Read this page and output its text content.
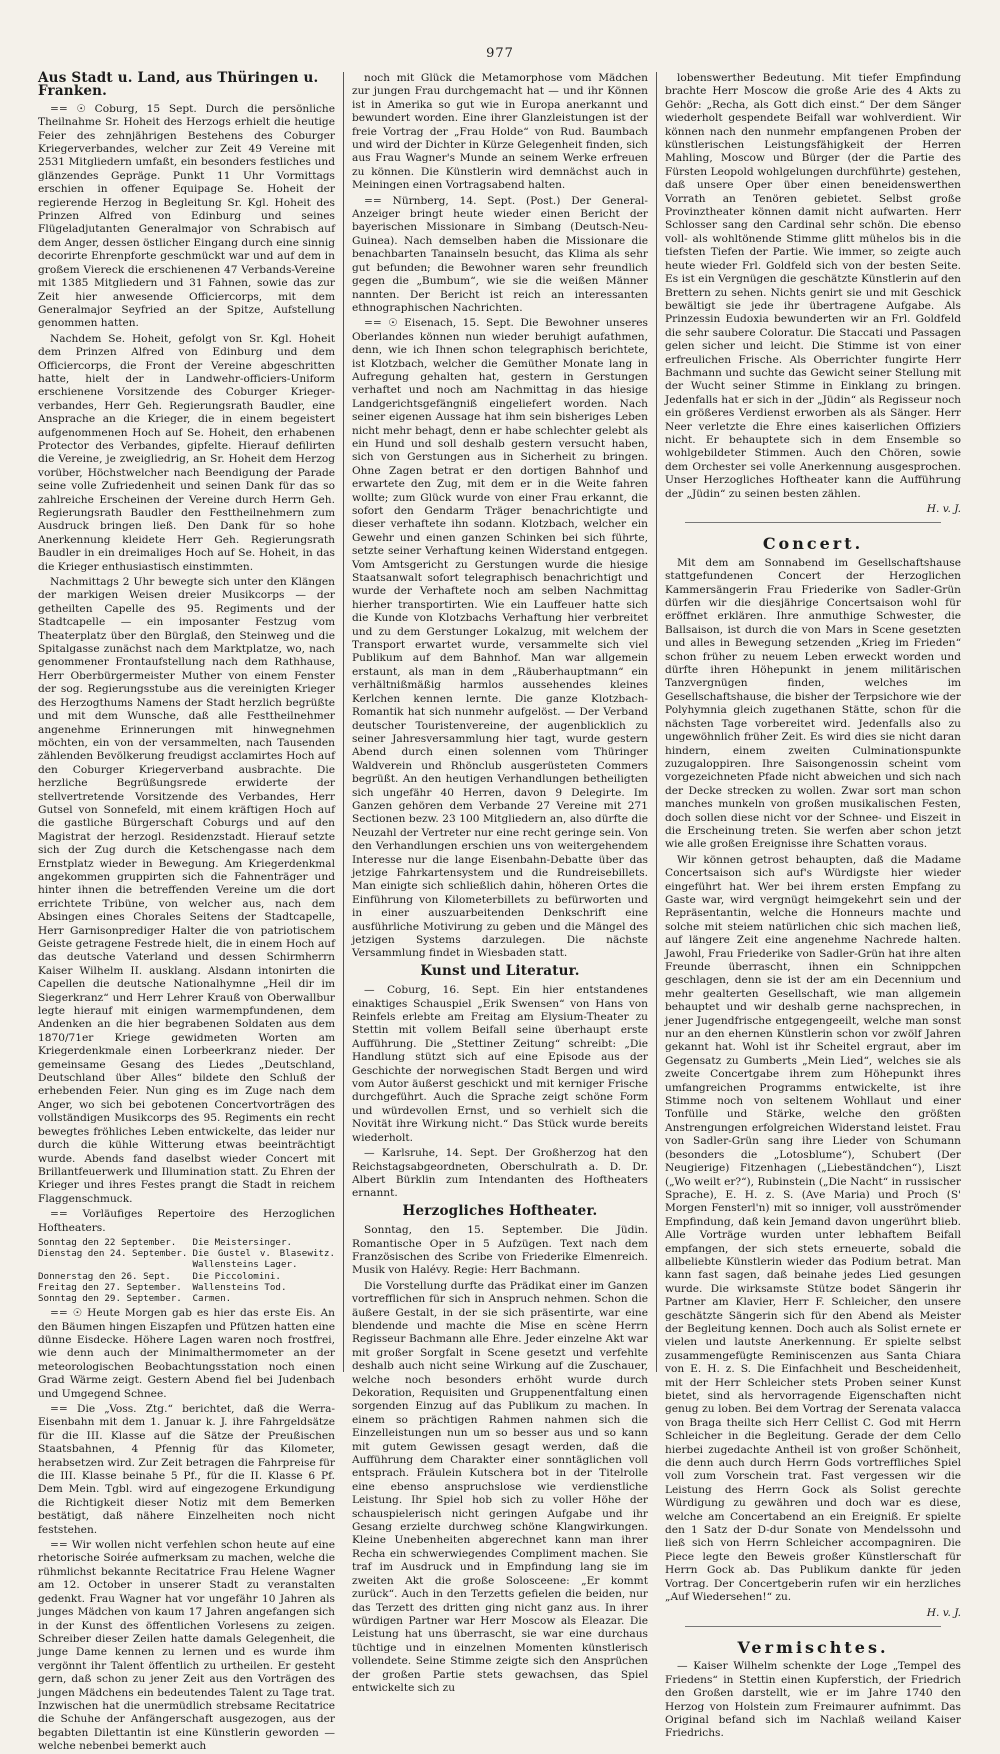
977
Aus Stadt u. Land, aus Thüringen u. Franken.

== ☉ Coburg, 15 Sept. Durch die persönliche Theilnahme Sr. Hoheit des Herzogs erhielt die heutige Feier des zehnjährigen Bestehens des Coburger Kriegerverbandes, welcher zur Zeit 49 Vereine mit 2531 Mitgliedern umfaßt, ein besonders festliches und glänzendes Gepräge. Punkt 11 Uhr Vormittags erschien in offener Equipage Se. Hoheit der regierende Herzog in Begleitung Sr. Kgl. Hoheit des Prinzen Alfred von Edinburg und seines Flügeladjutanten Generalmajor von Schrabisch auf dem Anger, dessen östlicher Eingang durch eine sinnig decorirte Ehrenpforte geschmückt war und auf dem in großem Viereck die erschienenen 47 Verbands-Vereine mit 1385 Mitgliedern und 31 Fahnen, sowie das zur Zeit hier anwesende Officiercorps, mit dem Generalmajor Seyfried an der Spitze, Aufstellung genommen hatten.

Nachdem Se. Hoheit, gefolgt von Sr. Kgl. Hoheit dem Prinzen Alfred von Edinburg und dem Officiercorps, die Front der Vereine abgeschritten hatte, hielt der in Landwehr-officiers-Uniform erschienene Vorsitzende des Coburger Krieger-verbandes, Herr Geh. Regierungsrath Baudler, eine Ansprache an die Krieger, die in einem begeistert aufgenommenen Hoch auf Se. Hoheit, den erhabenen Protector des Verbandes, gipfelte. Hierauf defilirten die Vereine, je zweigliedrig, an Sr. Hoheit dem Herzog vorüber, Höchstwelcher nach Beendigung der Parade seine volle Zufriedenheit und seinen Dank für das so zahlreiche Erscheinen der Vereine durch Herrn Geh. Regierungsrath Baudler den Festtheilnehmern zum Ausdruck bringen ließ. Den Dank für so hohe Anerkennung kleidete Herr Geh. Regierungsrath Baudler in ein dreimaliges Hoch auf Se. Hoheit, in das die Krieger enthusiastisch einstimmten.

Nachmittags 2 Uhr bewegte sich unter den Klängen der markigen Weisen dreier Musikcorps — der getheilten Capelle des 95. Regiments und der Stadtcapelle — ein imposanter Festzug vom Theaterplatz über den Bürglaß, den Steinweg und die Spitalgasse zunächst nach dem Marktplatze, wo, nach genommener Frontaufstellung nach dem Rathhause, Herr Oberbürgermeister Muther von einem Fenster der sog. Regierungsstube aus die vereinigten Krieger des Herzogthums Namens der Stadt herzlich begrüßte und mit dem Wunsche, daß alle Festtheilnehmer angenehme Erinnerungen mit hinwegnehmen möchten, ein von der versammelten, nach Tausenden zählenden Bevölkerung freudigst acclamirtes Hoch auf den Coburger Kriegerverband ausbrachte. Die herzliche Begrüßungsrede erwiderte der stellvertretende Vorsitzende des Verbandes, Herr Gutsel von Sonnefeld, mit einem kräftigen Hoch auf die gastliche Bürgerschaft Coburgs und auf den Magistrat der herzogl. Residenzstadt. Hierauf setzte sich der Zug durch die Ketschengasse nach dem Ernstplatz wieder in Bewegung. Am Kriegerdenkmal angekommen gruppirten sich die Fahnenträger und hinter ihnen die betreffenden Vereine um die dort errichtete Tribüne, von welcher aus, nach dem Absingen eines Chorales Seitens der Stadtcapelle, Herr Garnisonprediger Halter die von patriotischem Geiste getragene Festrede hielt, die in einem Hoch auf das deutsche Vaterland und dessen Schirmherrn Kaiser Wilhelm II. ausklang. Alsdann intonirten die Capellen die deutsche Nationalhymne „Heil dir im Siegerkranz“ und Herr Lehrer Krauß von Oberwallbur legte hierauf mit einigen warmempfundenen, dem Andenken an die hier begrabenen Soldaten aus dem 1870/71er Kriege gewidmeten Worten am Kriegerdenkmale einen Lorbeerkranz nieder. Der gemeinsame Gesang des Liedes „Deutschland, Deutschland über Alles“ bildete den Schluß der erhebenden Feier. Nun ging es im Zuge nach dem Anger, wo sich bei gebotenen Concertvorträgen des vollständigen Musikcorps des 95. Regiments ein recht bewegtes fröhliches Leben entwickelte, das leider nur durch die kühle Witterung etwas beeinträchtigt wurde. Abends fand daselbst wieder Concert mit Brillantfeuerwerk und Illumination statt. Zu Ehren der Krieger und ihres Festes prangt die Stadt in reichem Flaggenschmuck.

== Vorläufiges Repertoire des Herzoglichen Hoftheaters.

Sonntag den 22 September.	Die Meistersinger.
Dienstag den 24. September.	Die Gustel v. Blasewitz. Wallensteins Lager.
Donnerstag den 26. Sept.	Die Piccolomini.
Freitag den 27. September.	Wallensteins Tod.
Sonntag den 29. September.	Carmen.

== ☉ Heute Morgen gab es hier das erste Eis. An den Bäumen hingen Eiszapfen und Pfützen hatten eine dünne Eisdecke. Höhere Lagen waren noch frostfrei, wie denn auch der Minimalthermometer an der meteorologischen Beobachtungsstation noch einen Grad Wärme zeigt. Gestern Abend fiel bei Judenbach und Umgegend Schnee.

== Die „Voss. Ztg.“ berichtet, daß die Werra-Eisenbahn mit dem 1. Januar k. J. ihre Fahrgeldsätze für die III. Klasse auf die Sätze der Preußischen Staatsbahnen, 4 Pfennig für das Kilometer, herabsetzen wird. Zur Zeit betragen die Fahrpreise für die III. Klasse beinahe 5 Pf., für die II. Klasse 6 Pf. Dem Mein. Tgbl. wird auf eingezogene Erkundigung die Richtigkeit dieser Notiz mit dem Bemerken bestätigt, daß nähere Einzelheiten noch nicht feststehen.

== Wir wollen nicht verfehlen schon heute auf eine rhetorische Soirée aufmerksam zu machen, welche die rühmlichst bekannte Recitatrice Frau Helene Wagner am 12. October in unserer Stadt zu veranstalten gedenkt. Frau Wagner hat vor ungefähr 10 Jahren als junges Mädchen von kaum 17 Jahren angefangen sich in der Kunst des öffentlichen Vorlesens zu zeigen. Schreiber dieser Zeilen hatte damals Gelegenheit, die junge Dame kennen zu lernen und es wurde ihm vergönnt ihr Talent öffentlich zu urtheilen. Er gesteht gern, daß schon zu jener Zeit aus den Vorträgen des jungen Mädchens ein bedeutendes Talent zu Tage trat. Inzwischen hat die unermüdlich strebsame Recitatrice die Schuhe der Anfängerschaft ausgezogen, aus der begabten Dilettantin ist eine Künstlerin geworden — welche nebenbei bemerkt auch

noch mit Glück die Metamorphose vom Mädchen zur jungen Frau durchgemacht hat — und ihr Können ist in Amerika so gut wie in Europa anerkannt und bewundert worden. Eine ihrer Glanzleistungen ist der freie Vortrag der „Frau Holde“ von Rud. Baumbach und wird der Dichter in Kürze Gelegenheit finden, sich aus Frau Wagner's Munde an seinem Werke erfreuen zu können. Die Künstlerin wird demnächst auch in Meiningen einen Vortragsabend halten.

== Nürnberg, 14. Sept. (Post.) Der General-Anzeiger bringt heute wieder einen Bericht der bayerischen Missionare in Simbang (Deutsch-Neu-Guinea). Nach demselben haben die Missionare die benachbarten Tanainseln besucht, das Klima als sehr gut befunden; die Bewohner waren sehr freundlich gegen die „Bumbum“, wie sie die weißen Männer nannten. Der Bericht ist reich an interessanten ethnographischen Nachrichten.

== ☉ Eisenach, 15. Sept. Die Bewohner unseres Oberlandes können nun wieder beruhigt aufathmen, denn, wie ich Ihnen schon telegraphisch berichtete, ist Klotzbach, welcher die Gemüther Monate lang in Aufregung gehalten hat, gestern in Gerstungen verhaftet und noch am Nachmittag in das hiesige Landgerichtsgefängniß eingeliefert worden. Nach seiner eigenen Aussage hat ihm sein bisheriges Leben nicht mehr behagt, denn er habe schlechter gelebt als ein Hund und soll deshalb gestern versucht haben, sich von Gerstungen aus in Sicherheit zu bringen. Ohne Zagen betrat er den dortigen Bahnhof und erwartete den Zug, mit dem er in die Weite fahren wollte; zum Glück wurde von einer Frau erkannt, die sofort den Gendarm Träger benachrichtigte und dieser verhaftete ihn sodann. Klotzbach, welcher ein Gewehr und einen ganzen Schinken bei sich führte, setzte seiner Verhaftung keinen Widerstand entgegen. Vom Amtsgericht zu Gerstungen wurde die hiesige Staatsanwalt sofort telegraphisch benachrichtigt und wurde der Verhaftete noch am selben Nachmittag hierher transportirten. Wie ein Lauffeuer hatte sich die Kunde von Klotzbachs Verhaftung hier verbreitet und zu dem Gerstunger Lokalzug, mit welchem der Transport erwartet wurde, versammelte sich viel Publikum auf dem Bahnhof. Man war allgemein erstaunt, als man in dem „Räuberhauptmann“ ein verhältnißmäßig harmlos aussehendes kleines Kerlchen kennen lernte. Die ganze Klotzbach-Romantik hat sich nunmehr aufgelöst. — Der Verband deutscher Touristenvereine, der augenblicklich zu seiner Jahresversammlung hier tagt, wurde gestern Abend durch einen solennen vom Thüringer Waldverein und Rhönclub ausgerüsteten Commers begrüßt. An den heutigen Verhandlungen betheiligten sich ungefähr 40 Herren, davon 9 Delegirte. Im Ganzen gehören dem Verbande 27 Vereine mit 271 Sectionen bezw. 23 100 Mitgliedern an, also dürfte die Neuzahl der Vertreter nur eine recht geringe sein. Von den Verhandlungen erschien uns von weitergehendem Interesse nur die lange Eisenbahn-Debatte über das jetzige Fahrkartensystem und die Rundreisebillets. Man einigte sich schließlich dahin, höheren Ortes die Einführung von Kilometerbillets zu befürworten und in einer auszuarbeitenden Denkschrift eine ausführliche Motivirung zu geben und die Mängel des jetzigen Systems darzulegen. Die nächste Versammlung findet in Wiesbaden statt.

Kunst und Literatur.

— Coburg, 16. Sept. Ein hier entstandenes einaktiges Schauspiel „Erik Swensen“ von Hans von Reinfels erlebte am Freitag am Elysium-Theater zu Stettin mit vollem Beifall seine überhaupt erste Aufführung. Die „Stettiner Zeitung“ schreibt: „Die Handlung stützt sich auf eine Episode aus der Geschichte der norwegischen Stadt Bergen und wird vom Autor äußerst geschickt und mit kerniger Frische durchgeführt. Auch die Sprache zeigt schöne Form und würdevollen Ernst, und so verhielt sich die Novität ihre Wirkung nicht.“ Das Stück wurde bereits wiederholt.

— Karlsruhe, 14. Sept. Der Großherzog hat den Reichstagsabgeordneten, Oberschulrath a. D. Dr. Albert Bürklin zum Intendanten des Hoftheaters ernannt.

Herzogliches Hoftheater.

Sonntag, den 15. September. Die Jüdin. Romantische Oper in 5 Aufzügen. Text nach dem Französischen des Scribe von Friederike Elmenreich. Musik von Halévy. Regie: Herr Bachmann.

Die Vorstellung durfte das Prädikat einer im Ganzen vortrefflichen für sich in Anspruch nehmen. Schon die äußere Gestalt, in der sie sich präsentirte, war eine blendende und machte die Mise en scène Herrn Regisseur Bachmann alle Ehre. Jeder einzelne Akt war mit großer Sorgfalt in Scene gesetzt und verfehlte deshalb auch nicht seine Wirkung auf die Zuschauer, welche noch besonders erhöht wurde durch Dekoration, Requisiten und Gruppenentfaltung einen sorgenden Einzug auf das Publikum zu machen. In einem so prächtigen Rahmen nahmen sich die Einzelleistungen nun um so besser aus und so kann mit gutem Gewissen gesagt werden, daß die Aufführung dem Charakter einer sonntäglichen voll entsprach. Fräulein Kutschera bot in der Titelrolle eine ebenso anspruchslose wie verdienstliche Leistung. Ihr Spiel hob sich zu voller Höhe der schauspielerisch nicht geringen Aufgabe und ihr Gesang erzielte durchweg schöne Klangwirkungen. Kleine Unebenheiten abgerechnet kann man ihrer Recha ein schwerwiegendes Compliment machen. Sie traf im Ausdruck und in Empfindung lang sie im zweiten Akt die große Solosceene: „Er kommt zurück“. Auch in den Terzetts gefielen die beiden, nur das Terzett des dritten ging nicht ganz aus. In ihrer würdigen Partner war Herr Moscow als Eleazar. Die Leistung hat uns überrascht, sie war eine durchaus tüchtige und in einzelnen Momenten künstlerisch vollendete. Seine Stimme zeigte sich den Ansprüchen der großen Partie stets gewachsen, das Spiel entwickelte sich zu

lobenswerther Bedeutung. Mit tiefer Empfindung brachte Herr Moscow die große Arie des 4 Akts zu Gehör: „Recha, als Gott dich einst.“ Der dem Sänger wiederholt gespendete Beifall war wohlverdient. Wir können nach den nunmehr empfangenen Proben der künstlerischen Leistungsfähigkeit der Herren Mahling, Moscow und Bürger (der die Partie des Fürsten Leopold wohlgelungen durchführte) gestehen, daß unsere Oper über einen beneidenswerthen Vorrath an Tenören gebietet. Selbst große Provinztheater können damit nicht aufwarten. Herr Schlosser sang den Cardinal sehr schön. Die ebenso voll- als wohltönende Stimme glitt mühelos bis in die tiefsten Tiefen der Partie. Wie immer, so zeigte auch heute wieder Frl. Goldfeld sich von der besten Seite. Es ist ein Vergnügen die geschätzte Künstlerin auf den Brettern zu sehen. Nichts genirt sie und mit Geschick bewältigt sie jede ihr übertragene Aufgabe. Als Prinzessin Eudoxia bewunderten wir an Frl. Goldfeld die sehr saubere Coloratur. Die Staccati und Passagen gelen sicher und leicht. Die Stimme ist von einer erfreulichen Frische. Als Oberrichter fungirte Herr Bachmann und suchte das Gewicht seiner Stellung mit der Wucht seiner Stimme in Einklang zu bringen. Jedenfalls hat er sich in der „Jüdin“ als Regisseur noch ein größeres Verdienst erworben als als Sänger. Herr Neer verletzte die Ehre eines kaiserlichen Offiziers nicht. Er behauptete sich in dem Ensemble so wohlgebildeter Stimmen. Auch den Chören, sowie dem Orchester sei volle Anerkennung ausgesprochen. Unser Herzogliches Hoftheater kann die Aufführung der „Jüdin“ zu seinen besten zählen.

H. v. J.
Concert.

Mit dem am Sonnabend im Gesellschaftshause stattgefundenen Concert der Herzoglichen Kammersängerin Frau Friederike von Sadler-Grün dürfen wir die diesjährige Concertsaison wohl für eröffnet erklären. Ihre anmuthige Schwester, die Ballsaison, ist durch die von Mars in Scene gesetzten und alles in Bewegung setzenden „Krieg im Frieden“ schon früher zu neuem Leben erweckt worden und dürfte ihren Höhepunkt in jenem militärischen Tanzvergnügen finden, welches im Gesellschaftshause, die bisher der Terpsichore wie der Polyhymnia gleich zugethanen Stätte, schon für die nächsten Tage vorbereitet wird. Jedenfalls also zu ungewöhnlich früher Zeit. Es wird dies sie nicht daran hindern, einem zweiten Culminationspunkte zuzugaloppiren. Ihre Saisongenossin scheint vom vorgezeichneten Pfade nicht abweichen und sich nach der Decke strecken zu wollen. Zwar sort man schon manches munkeln von großen musikalischen Festen, doch sollen diese nicht vor der Schnee- und Eiszeit in die Erscheinung treten. Sie werfen aber schon jetzt wie alle großen Ereignisse ihre Schatten voraus.

Wir können getrost behaupten, daß die Madame Concertsaison sich auf's Würdigste hier wieder eingeführt hat. Wer bei ihrem ersten Empfang zu Gaste war, wird vergnügt heimgekehrt sein und der Repräsentantin, welche die Honneurs machte und solche mit steiem natürlichen chic sich machen ließ, auf längere Zeit eine angenehme Nachrede halten. Jawohl, Frau Friederike von Sadler-Grün hat ihre alten Freunde überrascht, ihnen ein Schnippchen geschlagen, denn sie ist der am ein Decennium und mehr gealterten Gesellschaft, wie man allgemein behauptet und wir deshalb gerne nachsprechen, in jener Jugendfrische entgegengeeilt, welche man sonst nur an den ehernen Künstlerin schon vor zwölf Jahren gekannt hat. Wohl ist ihr Scheitel ergraut, aber im Gegensatz zu Gumberts „Mein Lied“, welches sie als zweite Concertgabe ihrem zum Höhepunkt ihres umfangreichen Programms entwickelte, ist ihre Stimme noch von seltenem Wohllaut und einer Tonfülle und Stärke, welche den größten Anstrengungen erfolgreichen Widerstand leistet. Frau von Sadler-Grün sang ihre Lieder von Schumann (besonders die „Lotosblume“), Schubert (Der Neugierige) Fitzenhagen („Liebeständchen“), Liszt („Wo weilt er?“), Rubinstein („Die Nacht“ in russischer Sprache), E. H. z. S. (Ave Maria) und Proch (S' Morgen Fensterl'n) mit so inniger, voll ausströmender Empfindung, daß kein Jemand davon ungerührt blieb. Alle Vorträge wurden unter lebhaftem Beifall empfangen, der sich stets erneuerte, sobald die allbeliebte Künstlerin wieder das Podium betrat. Man kann fast sagen, daß beinahe jedes Lied gesungen wurde. Die wirksamste Stütze bodet Sängerin ihr Partner am Klavier, Herr F. Schleicher, den unsere geschätzte Sängerin sich für den Abend als Meister der Begleitung kennen. Doch auch als Solist ernete er vielen und lautste Anerkennung. Er spielte selbst zusammengefügte Reminiscenzen aus Santa Chiara von E. H. z. S. Die Einfachheit und Bescheidenheit, mit der Herr Schleicher stets Proben seiner Kunst bietet, sind als hervorragende Eigenschaften nicht genug zu loben. Bei dem Vortrag der Serenata valacca von Braga theilte sich Herr Cellist C. God mit Herrn Schleicher in die Begleitung. Gerade der dem Cello hierbei zugedachte Antheil ist von großer Schönheit, die denn auch durch Herrn Gods vortreffliches Spiel voll zum Vorschein trat. Fast vergessen wir die Leistung des Herrn Gock als Solist gerechte Würdigung zu gewähren und doch war es diese, welche am Concertabend an ein Ereigniß. Er spielte den 1 Satz der D-dur Sonate von Mendelssohn und ließ sich von Herrn Schleicher accompagniren. Die Piece legte den Beweis großer Künstlerschaft für Herrn Gock ab. Das Publikum dankte für jeden Vortrag. Der Concertgeberin rufen wir ein herzliches „Auf Wiedersehen!“ zu.

H. v. J.
Vermischtes.

— Kaiser Wilhelm schenkte der Loge „Tempel des Friedens“ in Stettin einen Kupferstich, der Friedrich den Großen darstellt, wie er im Jahre 1740 den Herzog von Holstein zum Freimaurer aufnimmt. Das Original befand sich im Nachlaß weiland Kaiser Friedrichs.
